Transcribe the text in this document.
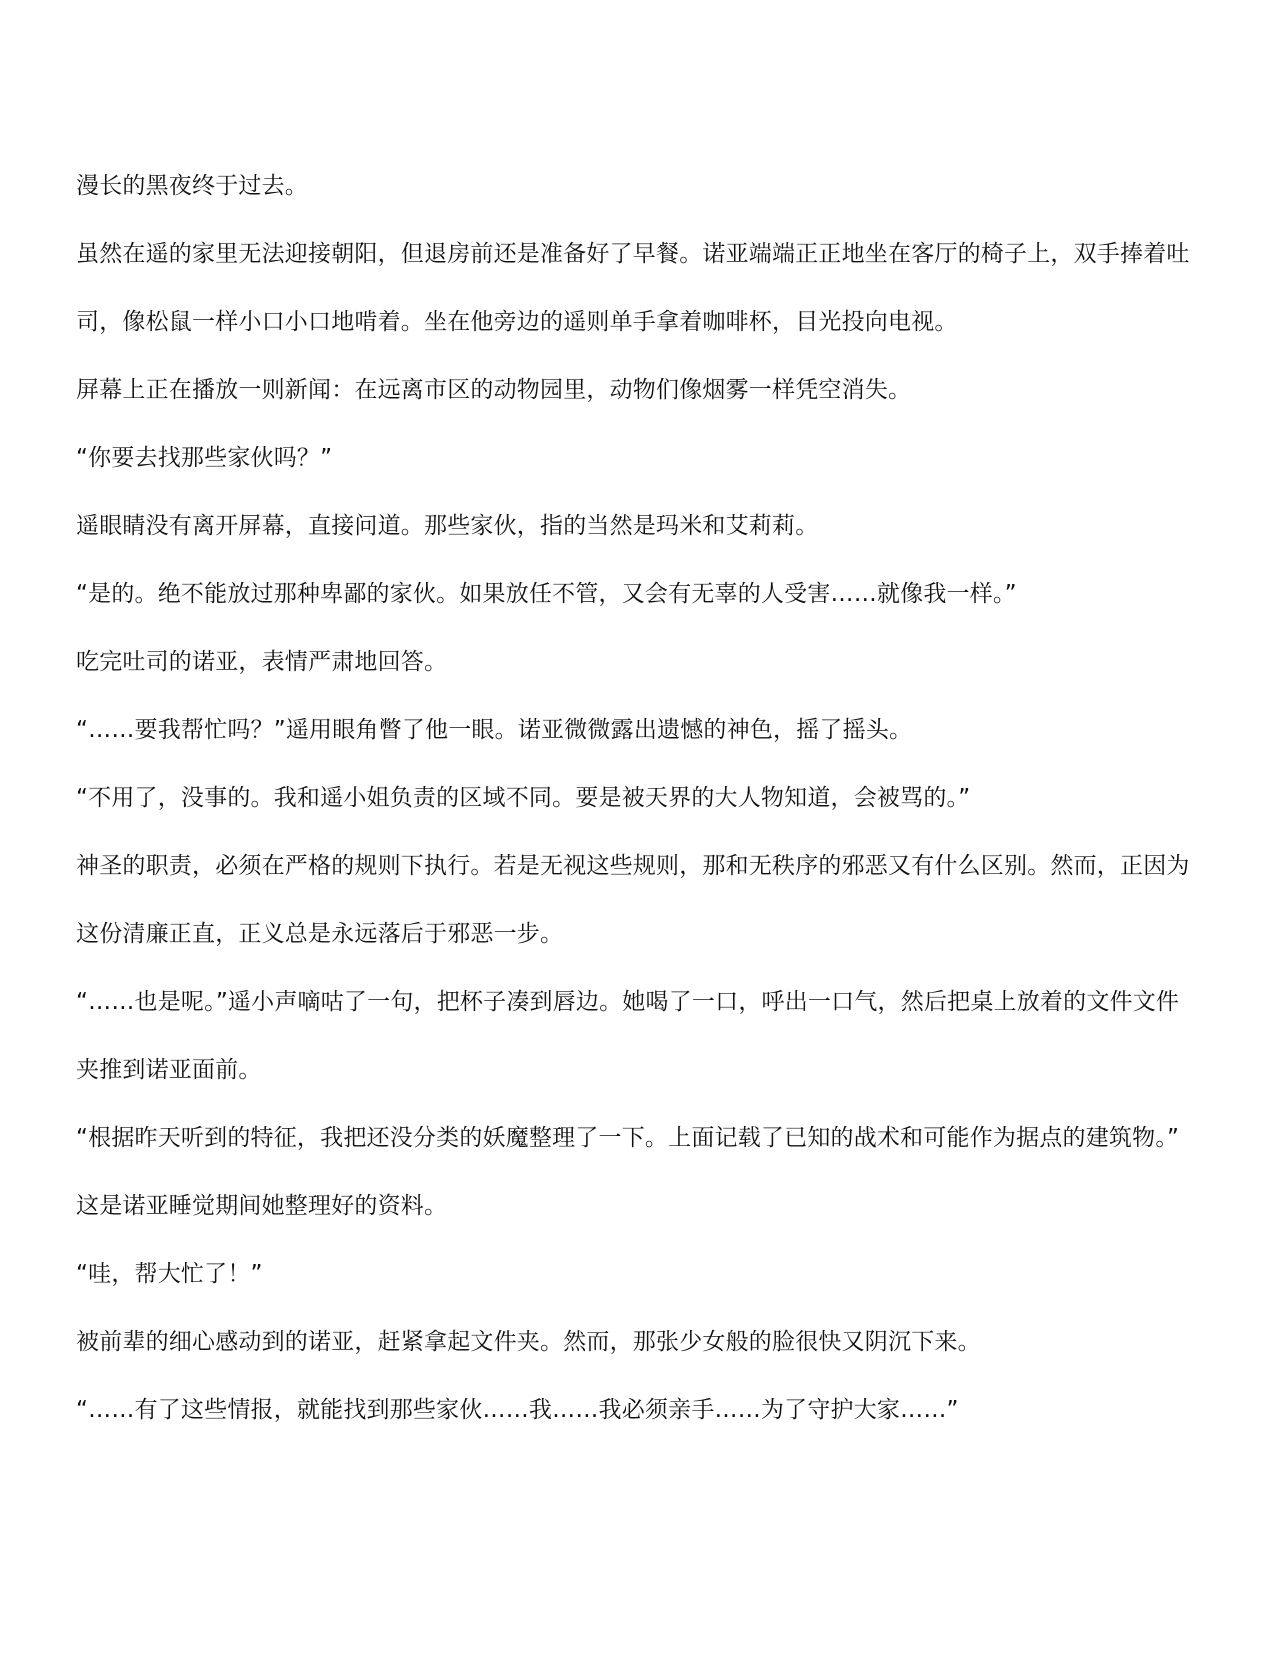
漫长的黑夜终于过去。

虽然在遥的家里无法迎接朝阳，但退房前还是准备好了早餐。诺亚端端正正地坐在客厅的椅子上，双手捧着吐司，像松鼠一样小口小口地啃着。坐在他旁边的遥则单手拿着咖啡杯，目光投向电视。

屏幕上正在播放一则新闻：在远离市区的动物园里，动物们像烟雾一样凭空消失。

“你要去找那些家伙吗？”

遥眼睛没有离开屏幕，直接问道。那些家伙，指的当然是玛米和艾莉莉。

“是的。绝不能放过那种卑鄙的家伙。如果放任不管，又会有无辜的人受害……就像我一样。”

吃完吐司的诺亚，表情严肃地回答。

“……要我帮忙吗？”遥用眼角瞥了他一眼。诺亚微微露出遗憾的神色，摇了摇头。

“不用了，没事的。我和遥小姐负责的区域不同。要是被天界的大人物知道，会被骂的。”

神圣的职责，必须在严格的规则下执行。若是无视这些规则，那和无秩序的邪恶又有什么区别。然而，正因为这份清廉正直，正义总是永远落后于邪恶一步。

“……也是呢。”遥小声嘀咕了一句，把杯子凑到唇边。她喝了一口，呼出一口气，然后把桌上放着的文件文件夹推到诺亚面前。

“根据昨天听到的特征，我把还没分类的妖魔整理了一下。上面记载了已知的战术和可能作为据点的建筑物。”

这是诺亚睡觉期间她整理好的资料。

“哇，帮大忙了！”

被前辈的细心感动到的诺亚，赶紧拿起文件夹。然而，那张少女般的脸很快又阴沉下来。

“……有了这些情报，就能找到那些家伙……我……我必须亲手……为了守护大家……”
